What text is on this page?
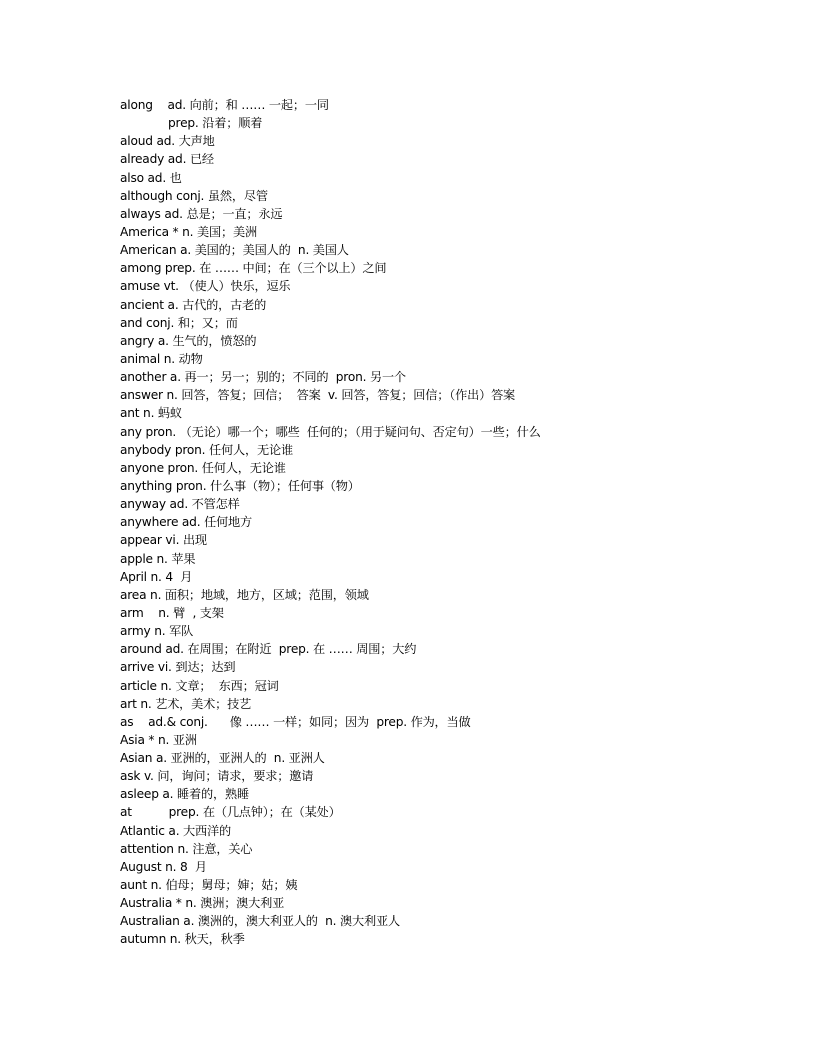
along    ad. 向前；和 …… 一起；一同
prep. 沿着；顺着
aloud ad. 大声地
already ad. 已经
also ad. 也
although conj. 虽然，尽管
always ad. 总是；一直；永远
America * n. 美国；美洲
American a. 美国的；美国人的  n. 美国人
among prep. 在 …… 中间；在（三个以上）之间
amuse vt. （使人）快乐，逗乐
ancient a. 古代的，古老的
and conj. 和；又；而
angry a. 生气的，愤怒的
animal n. 动物
another a. 再一；另一；别的；不同的  pron. 另一个
answer n. 回答，答复；回信；  答案  v. 回答，答复；回信；（作出）答案
ant n. 蚂蚁
any pron. （无论）哪一个；哪些  任何的；（用于疑问句、否定句）一些；什么
anybody pron. 任何人，无论谁
anyone pron. 任何人，无论谁
anything pron. 什么事（物）；任何事（物）
anyway ad. 不管怎样
anywhere ad. 任何地方
appear vi. 出现
apple n. 苹果
April n. 4  月
area n. 面积；地域，地方，区域；范围，领域
arm    n. 臂  , 支架
army n. 军队
around ad. 在周围；在附近  prep. 在 …… 周围；大约
arrive vi. 到达；达到
article n. 文章；  东西；冠词
art n. 艺术，美术；技艺
as    ad.& conj.      像 …… 一样；如同；因为  prep. 作为，当做
Asia * n. 亚洲
Asian a. 亚洲的，亚洲人的  n. 亚洲人
ask v. 问，询问；请求，要求；邀请
asleep a. 睡着的，熟睡
at          prep. 在（几点钟）；在（某处）
Atlantic a. 大西洋的
attention n. 注意，关心
August n. 8  月
aunt n. 伯母；舅母；婶；姑；姨
Australia * n. 澳洲；澳大利亚
Australian a. 澳洲的，澳大利亚人的  n. 澳大利亚人
autumn n. 秋天，秋季
